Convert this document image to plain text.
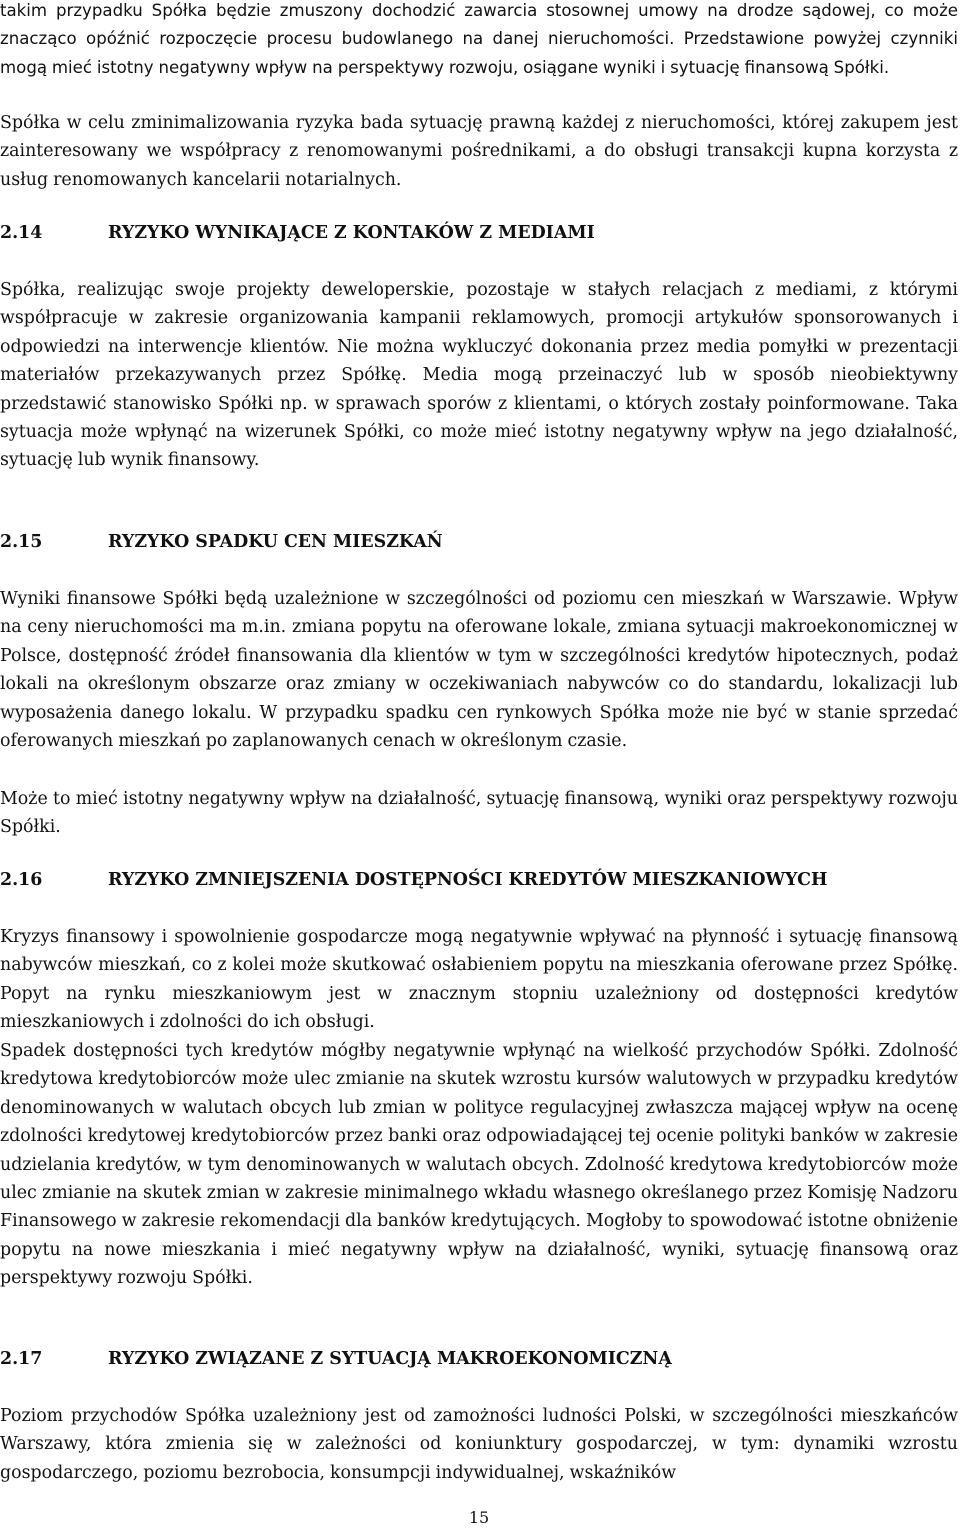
takim przypadku Spółka będzie zmuszony dochodzić zawarcia stosownej umowy na drodze sądowej, co może znacząco opóźnić rozpoczęcie procesu budowlanego na danej nieruchomości. Przedstawione powyżej czynniki mogą mieć istotny negatywny wpływ na perspektywy rozwoju, osiągane wyniki i sytuację finansową Spółki.

Spółka w celu zminimalizowania ryzyka bada sytuację prawną każdej z nieruchomości, której zakupem jest zainteresowany we współpracy z renomowanymi pośrednikami, a do obsługi transakcji kupna korzysta z usług renomowanych kancelarii notarialnych.

2.14	RYZYKO WYNIKAJĄCE Z KONTAKÓW Z MEDIAMI

Spółka, realizując swoje projekty deweloperskie, pozostaje w stałych relacjach z mediami, z którymi współpracuje w zakresie organizowania kampanii reklamowych, promocji artykułów sponsorowanych i odpowiedzi na interwencje klientów. Nie można wykluczyć dokonania przez media pomyłki w prezentacji materiałów przekazywanych przez Spółkę. Media mogą przeinaczyć lub w sposób nieobiektywny przedstawić stanowisko Spółki np. w sprawach sporów z klientami, o których zostały poinformowane. Taka sytuacja może wpłynąć na wizerunek Spółki, co może mieć istotny negatywny wpływ na jego działalność, sytuację lub wynik finansowy.

2.15	RYZYKO SPADKU CEN MIESZKAŃ

Wyniki finansowe Spółki będą uzależnione w szczególności od poziomu cen mieszkań w Warszawie. Wpływ na ceny nieruchomości ma m.in. zmiana popytu na oferowane lokale, zmiana sytuacji makroekonomicznej w Polsce, dostępność źródeł finansowania dla klientów w tym w szczególności kredytów hipotecznych, podaż lokali na określonym obszarze oraz zmiany w oczekiwaniach nabywców co do standardu, lokalizacji lub wyposażenia danego lokalu. W przypadku spadku cen rynkowych Spółka może nie być w stanie sprzedać oferowanych mieszkań po zaplanowanych cenach w określonym czasie.

Może to mieć istotny negatywny wpływ na działalność, sytuację finansową, wyniki oraz perspektywy rozwoju Spółki.

2.16	RYZYKO ZMNIEJSZENIA DOSTĘPNOŚCI KREDYTÓW MIESZKANIOWYCH

Kryzys finansowy i spowolnienie gospodarcze mogą negatywnie wpływać na płynność i sytuację finansową nabywców mieszkań, co z kolei może skutkować osłabieniem popytu na mieszkania oferowane przez Spółkę. Popyt na rynku mieszkaniowym jest w znacznym stopniu uzależniony od dostępności kredytów mieszkaniowych i zdolności do ich obsługi.

Spadek dostępności tych kredytów mógłby negatywnie wpłynąć na wielkość przychodów Spółki. Zdolność kredytowa kredytobiorców może ulec zmianie na skutek wzrostu kursów walutowych w przypadku kredytów denominowanych w walutach obcych lub zmian w polityce regulacyjnej zwłaszcza mającej wpływ na ocenę zdolności kredytowej kredytobiorców przez banki oraz odpowiadającej tej ocenie polityki banków w zakresie udzielania kredytów, w tym denominowanych w walutach obcych. Zdolność kredytowa kredytobiorców może ulec zmianie na skutek zmian w zakresie minimalnego wkładu własnego określanego przez Komisję Nadzoru Finansowego w zakresie rekomendacji dla banków kredytujących. Mogłoby to spowodować istotne obniżenie popytu na nowe mieszkania i mieć negatywny wpływ na działalność, wyniki, sytuację finansową oraz perspektywy rozwoju Spółki.

2.17	RYZYKO ZWIĄZANE Z SYTUACJĄ MAKROEKONOMICZNĄ

Poziom przychodów Spółka uzależniony jest od zamożności ludności Polski, w szczególności mieszkańców Warszawy, która zmienia się w zależności od koniunktury gospodarczej, w tym: dynamiki wzrostu gospodarczego, poziomu bezrobocia, konsumpcji indywidualnej, wskaźników

15
